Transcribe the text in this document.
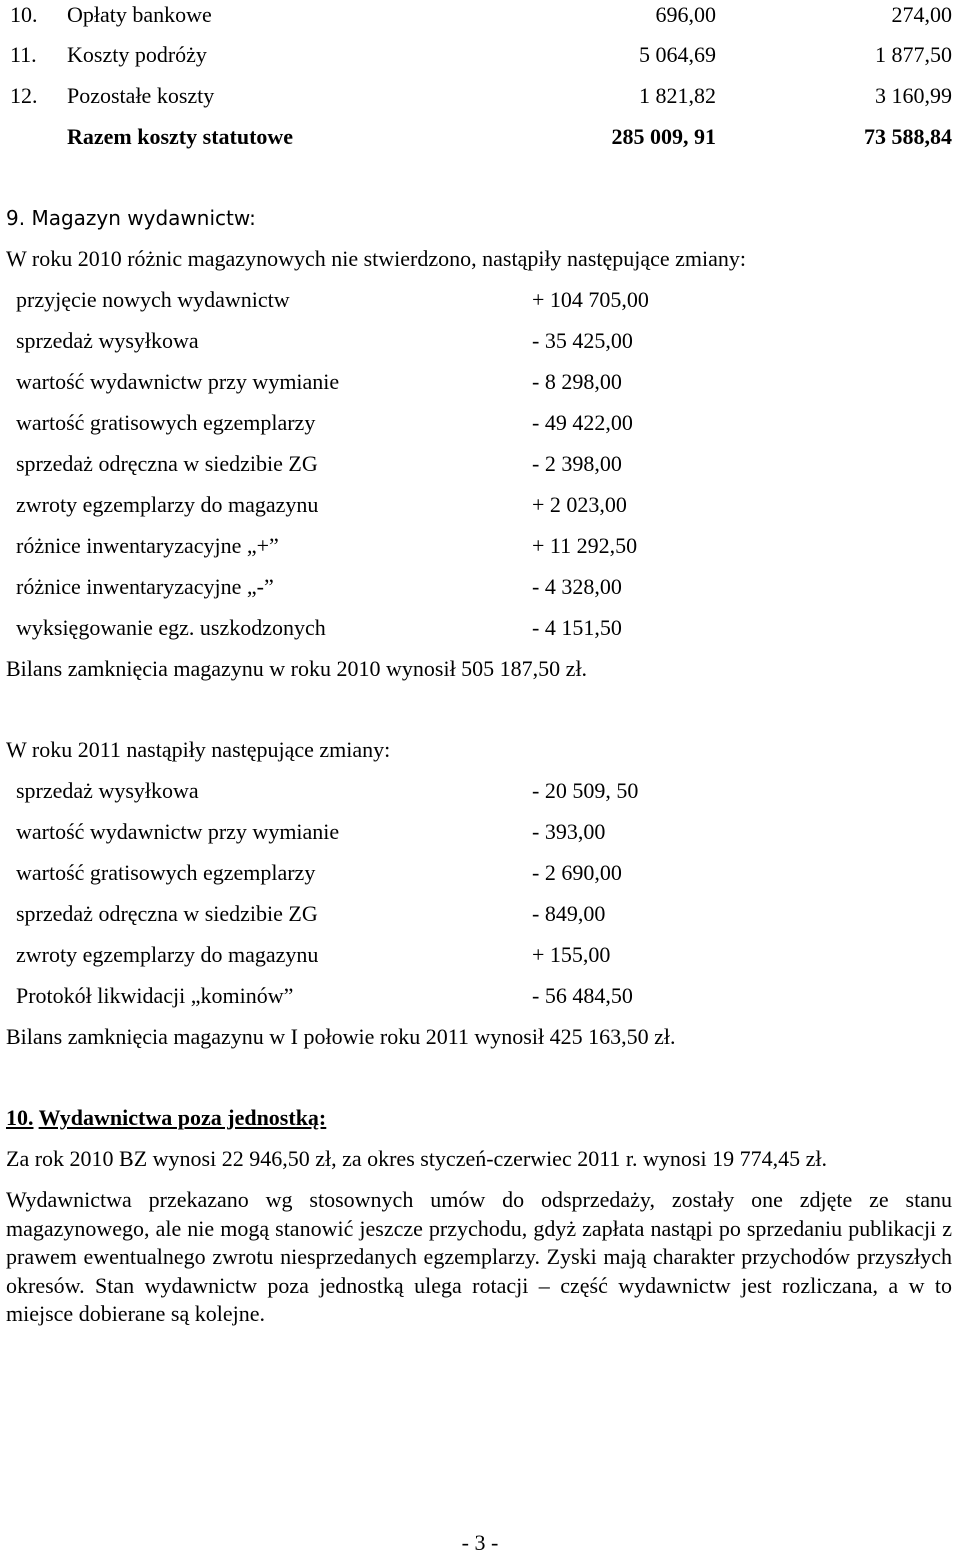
10. Opłaty bankowe	696,00	274,00
11. Koszty podróży	5 064,69	1 877,50
12. Pozostałe koszty	1 821,82	3 160,99
Razem koszty statutowe	285 009, 91	73 588,84
9. Magazyn wydawnictw:
W roku 2010 różnic magazynowych nie stwierdzono, nastąpiły następujące zmiany:
przyjęcie nowych wydawnictw	+ 104 705,00
sprzedaż wysyłkowa	- 35 425,00
wartość wydawnictw przy wymianie	- 8 298,00
wartość gratisowych egzemplarzy	- 49 422,00
sprzedaż odręczna w siedzibie ZG	- 2 398,00
zwroty egzemplarzy do magazynu	+ 2 023,00
różnice inwentaryzacyjne „+”	+ 11 292,50
różnice inwentaryzacyjne „-”	- 4 328,00
wyksięgowanie egz. uszkodzonych	- 4 151,50
Bilans zamknięcia magazynu w roku 2010 wynosił 505 187,50 zł.
W roku 2011 nastąpiły następujące zmiany:
sprzedaż wysyłkowa	- 20 509, 50
wartość wydawnictw przy wymianie	- 393,00
wartość gratisowych egzemplarzy	- 2 690,00
sprzedaż odręczna w siedzibie ZG	- 849,00
zwroty egzemplarzy do magazynu	+ 155,00
Protokół likwidacji „kominów”	- 56 484,50
Bilans zamknięcia magazynu w I połowie roku 2011 wynosił 425 163,50 zł.
10. Wydawnictwa poza jednostką:
Za rok 2010 BZ wynosi 22 946,50 zł, za okres styczeń-czerwiec 2011 r. wynosi 19 774,45 zł.
Wydawnictwa przekazano wg stosownych umów do odsprzedaży, zostały one zdjęte ze stanu magazynowego, ale nie mogą stanowić jeszcze przychodu, gdyż zapłata nastąpi po sprzedaniu publikacji z prawem ewentualnego zwrotu niesprzedanych egzemplarzy. Zyski mają charakter przychodów przyszłych okresów. Stan wydawnictw poza jednostką ulega rotacji – część wydawnictw jest rozliczana, a w to miejsce dobierane są kolejne.
- 3 -
